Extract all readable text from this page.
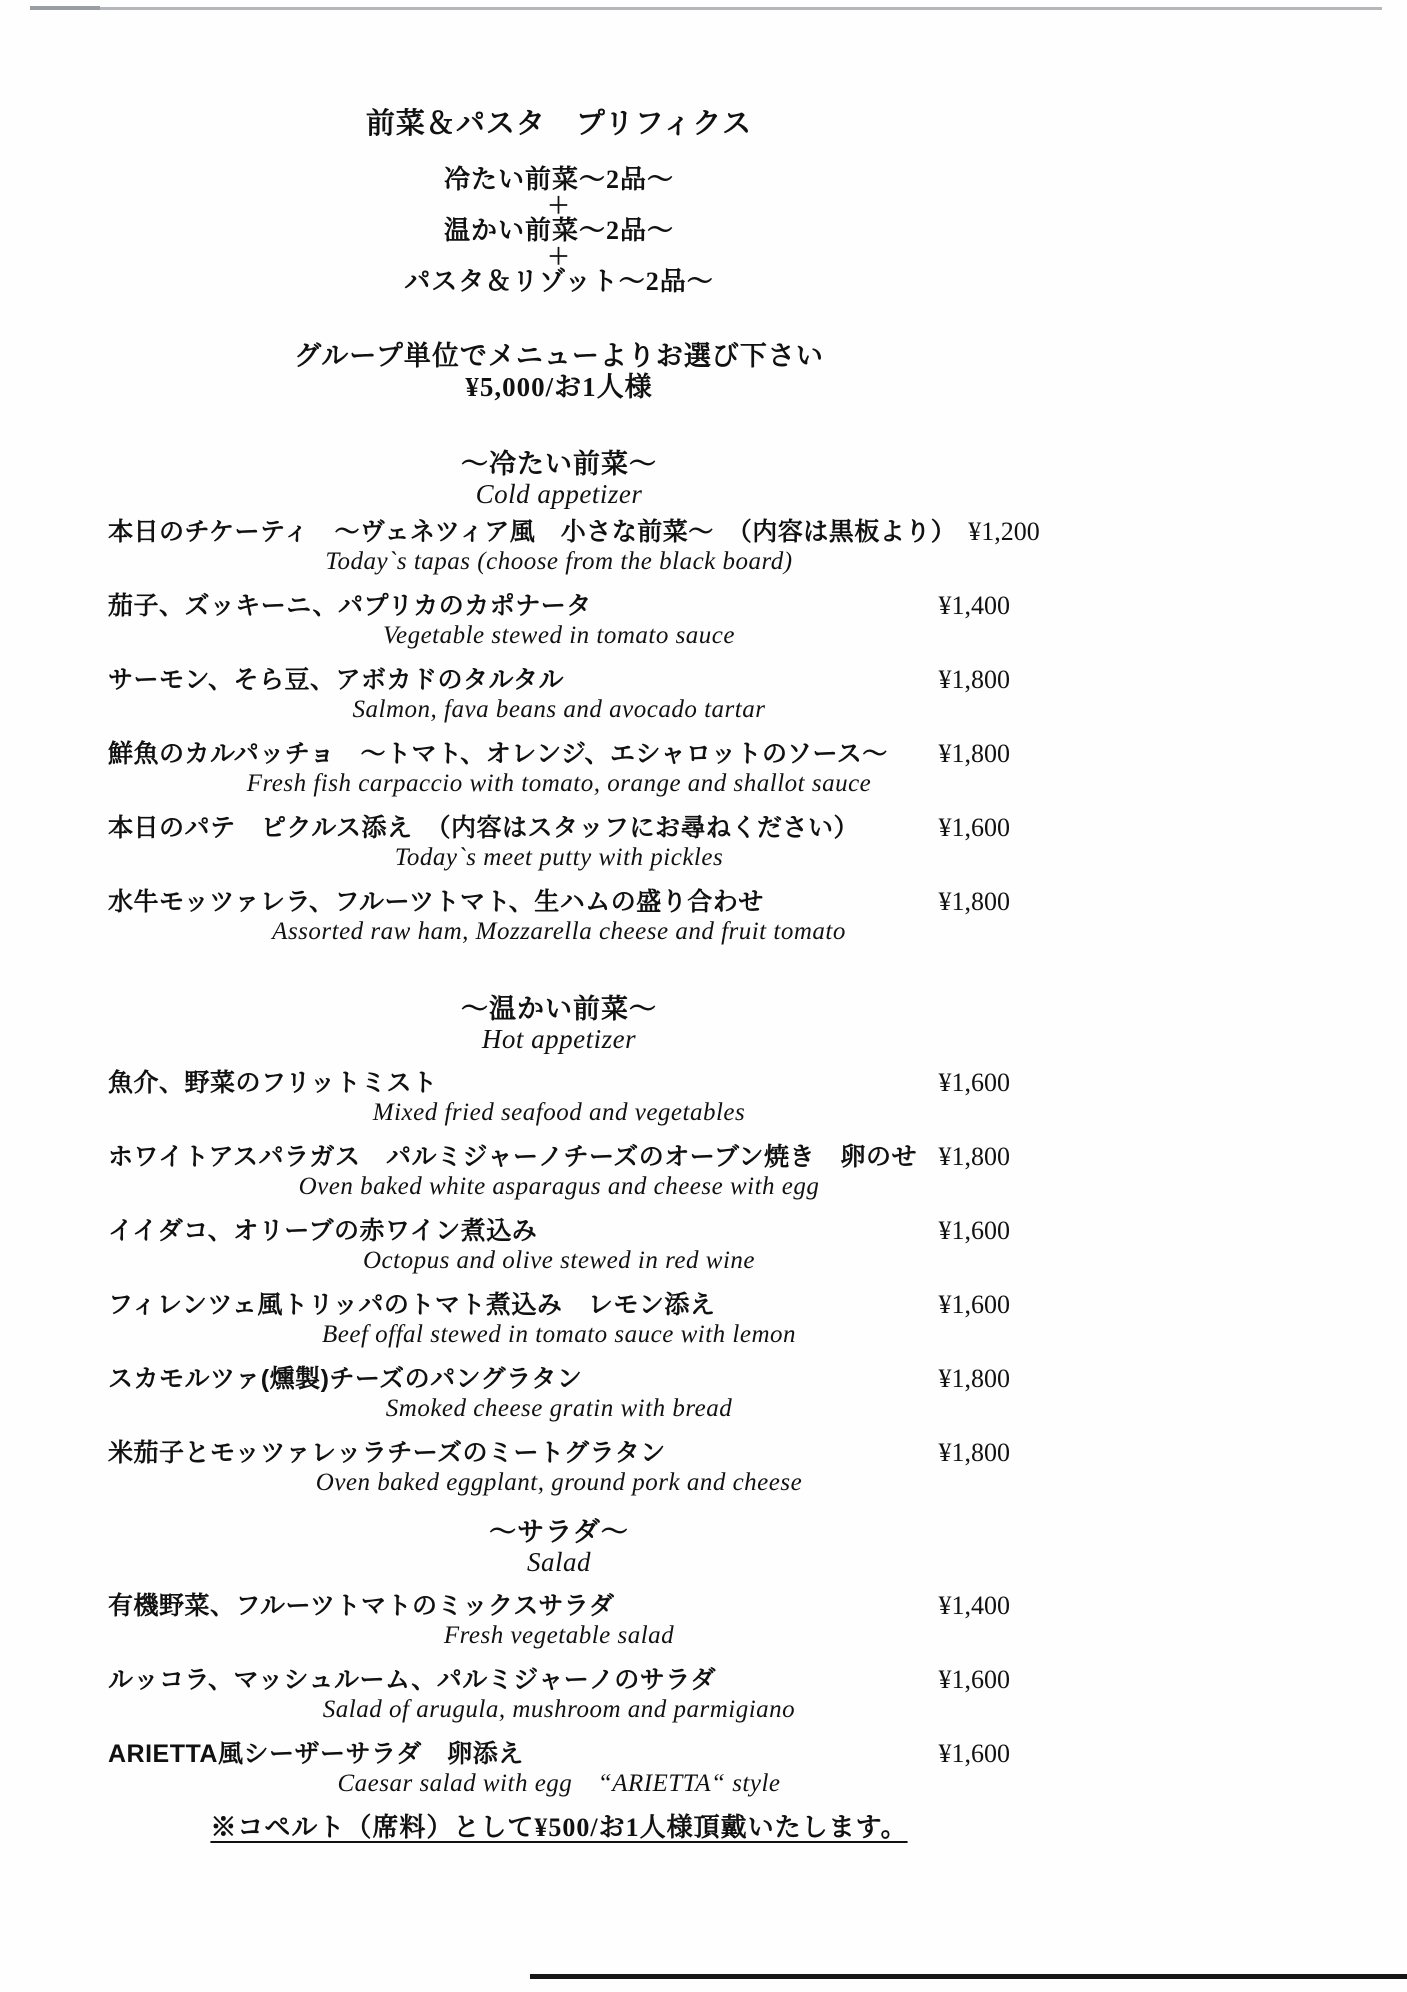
前菜＆パスタ　プリフィクス
冷たい前菜～2品～
＋
温かい前菜～2品～
＋
パスタ＆リゾット～2品～
グループ単位でメニューよりお選び下さい
¥5,000/お1人様
～冷たい前菜～
Cold appetizer
本日のチケーティ　～ヴェネツィア風　小さな前菜～　（内容は黒板より） ¥1,200
Today`s tapas (choose from the black board)
茄子、ズッキーニ、パプリカのカポナータ	¥1,400
Vegetable stewed in tomato sauce
サーモン、そら豆、アボカドのタルタル	¥1,800
Salmon, fava beans and avocado tartar
鮮魚のカルパッチョ　～トマト、オレンジ、エシャロットのソース～	¥1,800
Fresh fish carpaccio with tomato, orange and shallot sauce
本日のパテ　ピクルス添え　（内容はスタッフにお尋ねください）	¥1,600
Today`s meet putty with pickles
水牛モッツァレラ、フルーツトマト、生ハムの盛り合わせ	¥1,800
Assorted raw ham, Mozzarella cheese and fruit tomato
～温かい前菜～
Hot appetizer
魚介、野菜のフリットミスト	¥1,600
Mixed fried seafood and vegetables
ホワイトアスパラガス　パルミジャーノチーズのオーブン焼き　卵のせ ¥1,800
Oven baked white asparagus and cheese with egg
イイダコ、オリーブの赤ワイン煮込み	¥1,600
Octopus and olive stewed in red wine
フィレンツェ風トリッパのトマト煮込み　レモン添え	¥1,600
Beef offal stewed in tomato sauce with lemon
スカモルツァ(燻製)チーズのパングラタン	¥1,800
Smoked cheese gratin with bread
米茄子とモッツァレッラチーズのミートグラタン	¥1,800
Oven baked eggplant, ground pork and cheese
～サラダ～
Salad
有機野菜、フルーツトマトのミックスサラダ	¥1,400
Fresh vegetable salad
ルッコラ、マッシュルーム、パルミジャーノのサラダ	¥1,600
Salad of arugula, mushroom and parmigiano
ARIETTA風シーザーサラダ　卵添え	¥1,600
Caesar salad with egg　“ARIETTA“ style
※コペルト（席料）として¥500/お1人様頂戴いたします。
